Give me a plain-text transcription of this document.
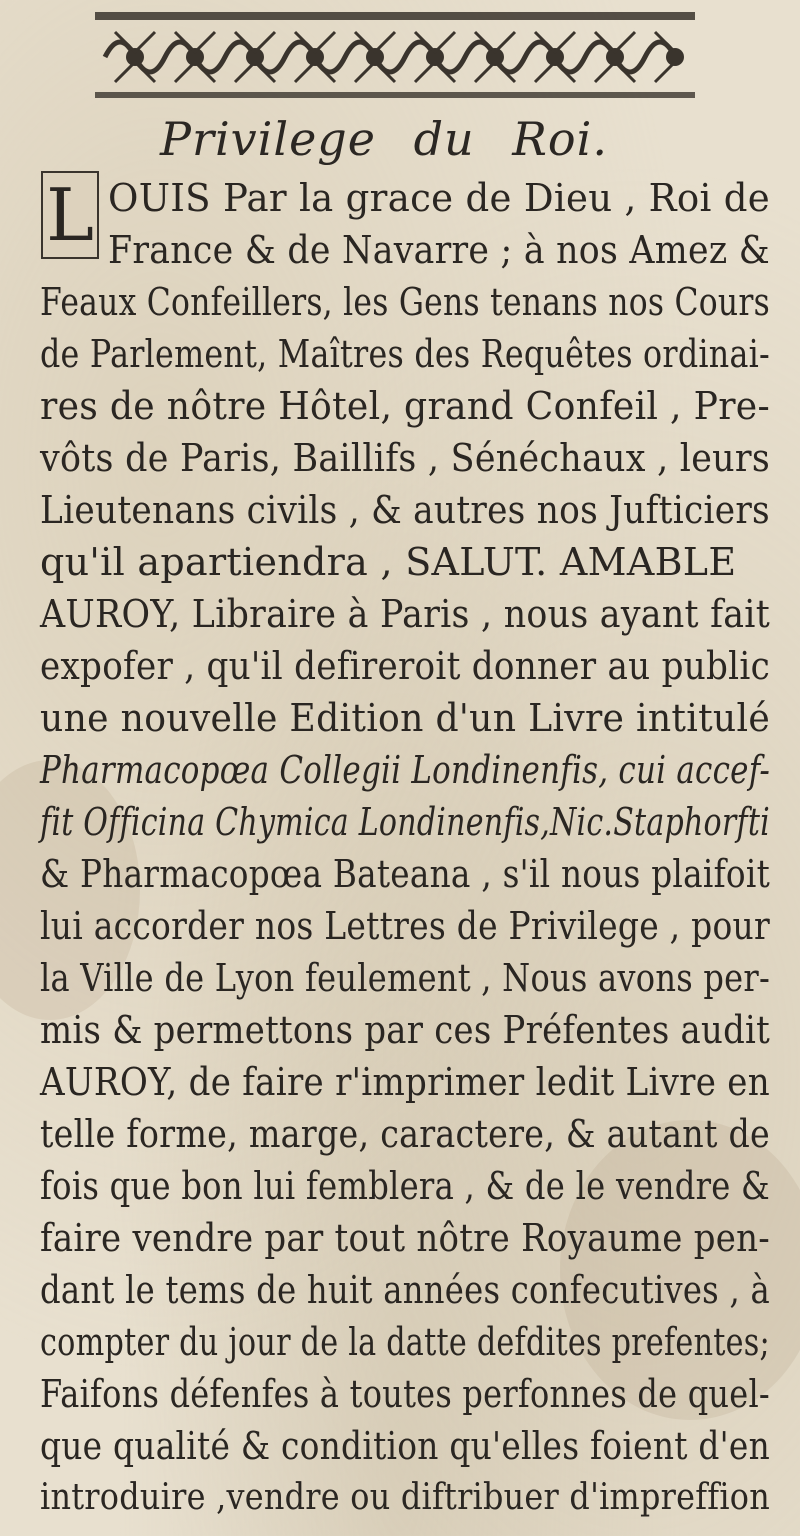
Privilege du Roi.
L OUIS Par la grace de Dieu , Roi de
France & de Navarre ; à nos Amez &
Feaux Confeillers, les Gens tenans nos Cours
de Parlement, Maîtres des Requêtes ordinai-
res de nôtre Hôtel, grand Confeil , Pre-
vôts de Paris, Baillifs , Sénéchaux , leurs
Lieutenans civils , & autres nos Jufticiers
qu'il apartiendra , SALUT. AMABLE
AUROY, Libraire à Paris , nous ayant fait
expofer , qu'il defireroit donner au public
une nouvelle Edition d'un Livre intitulé
Pharmacopœa Collegii Londinenfis, cui accef-
fit Officina Chymica Londinenfis,Nic.Staphorfti
& Pharmacopœa Bateana , s'il nous plaifoit
lui accorder nos Lettres de Privilege , pour
la Ville de Lyon feulement , Nous avons per-
mis & permettons par ces Préfentes audit
AUROY, de faire r'imprimer ledit Livre en
telle forme, marge, caractere, & autant de
fois que bon lui femblera , & de le vendre &
faire vendre par tout nôtre Royaume pen-
dant le tems de huit années confecutives , à
compter du jour de la datte defdites prefentes;
Faifons défenfes à toutes perfonnes de quel-
que qualité & condition qu'elles foient d'en
introduire ,vendre ou diftribuer d'impreffion
